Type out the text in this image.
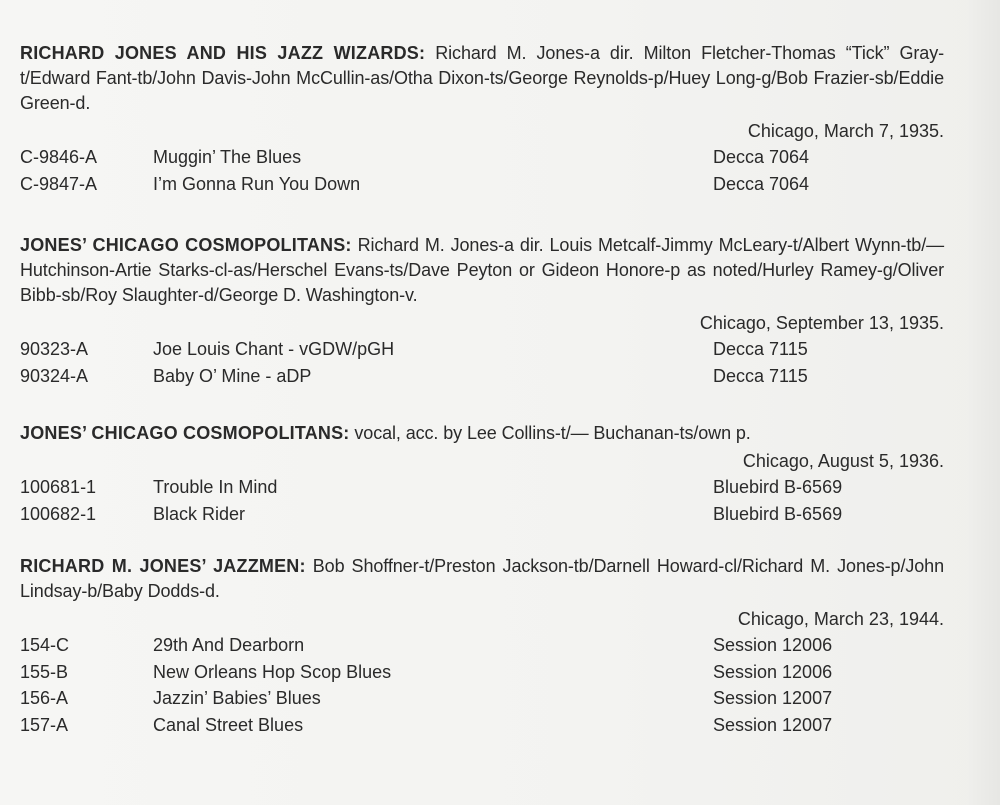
RICHARD JONES AND HIS JAZZ WIZARDS: Richard M. Jones-a dir. Milton Fletcher-Thomas “Tick” Gray-t/Edward Fant-tb/John Davis-John McCullin-as/Otha Dixon-ts/George Reynolds-p/Huey Long-g/Bob Frazier-sb/Eddie Green-d.

Chicago, March 7, 1935.
C-9846-A	Muggin’ The Blues	Decca 7064
C-9847-A	I’m Gonna Run You Down	Decca 7064

JONES’ CHICAGO COSMOPOLITANS: Richard M. Jones-a dir. Louis Metcalf-Jimmy McLeary-t/Albert Wynn-tb/— Hutchinson-Artie Starks-cl-as/Herschel Evans-ts/Dave Peyton or Gideon Honore-p as noted/Hurley Ramey-g/Oliver Bibb-sb/Roy Slaughter-d/George D. Washington-v.

Chicago, September 13, 1935.
90323-A	Joe Louis Chant - vGDW/pGH	Decca 7115
90324-A	Baby O’ Mine - aDP	Decca 7115

JONES’ CHICAGO COSMOPOLITANS: vocal, acc. by Lee Collins-t/— Buchanan-ts/own p.

Chicago, August 5, 1936.
100681-1	Trouble In Mind	Bluebird B-6569
100682-1	Black Rider	Bluebird B-6569

RICHARD M. JONES’ JAZZMEN: Bob Shoffner-t/Preston Jackson-tb/Darnell Howard-cl/Richard M. Jones-p/John Lindsay-b/Baby Dodds-d.

Chicago, March 23, 1944.
154-C	29th And Dearborn	Session 12006
155-B	New Orleans Hop Scop Blues	Session 12006
156-A	Jazzin’ Babies’ Blues	Session 12007
157-A	Canal Street Blues	Session 12007
